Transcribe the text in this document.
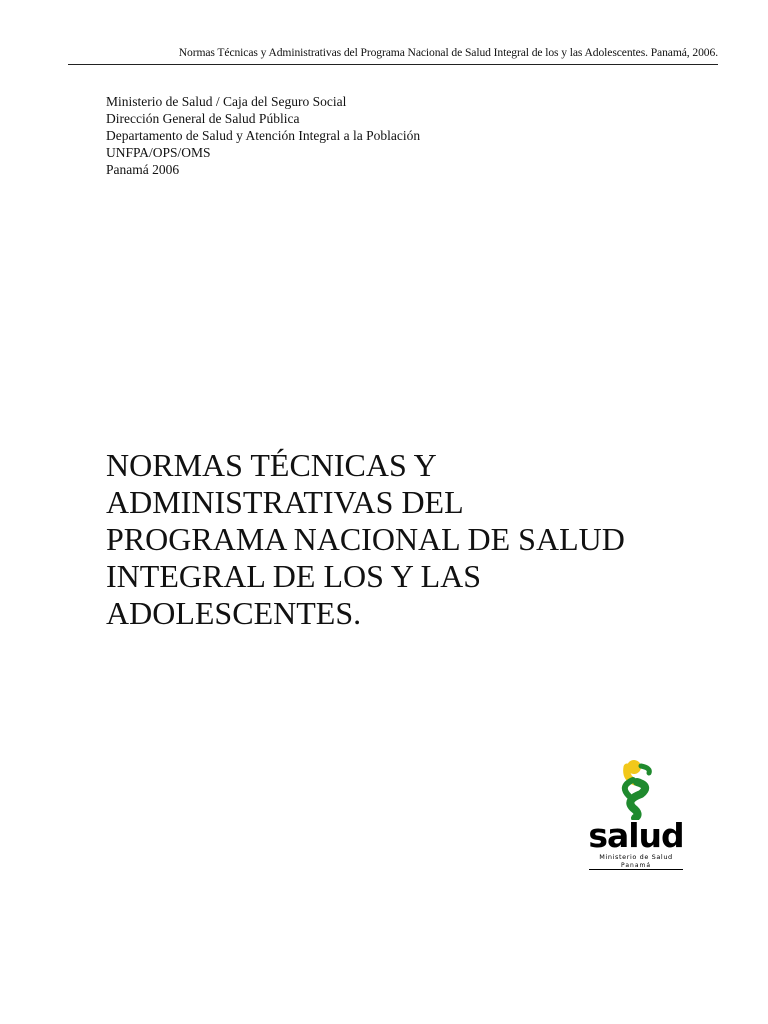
Normas Técnicas y Administrativas del Programa Nacional de Salud Integral de los y las Adolescentes. Panamá, 2006.
Ministerio de Salud / Caja del Seguro Social
Dirección General de Salud Pública
Departamento de Salud y Atención Integral a la Población
UNFPA/OPS/OMS
Panamá 2006
NORMAS TÉCNICAS Y
ADMINISTRATIVAS DEL
PROGRAMA NACIONAL DE SALUD
INTEGRAL DE LOS Y LAS
ADOLESCENTES.
salud
Ministerio de Salud
Panamá
